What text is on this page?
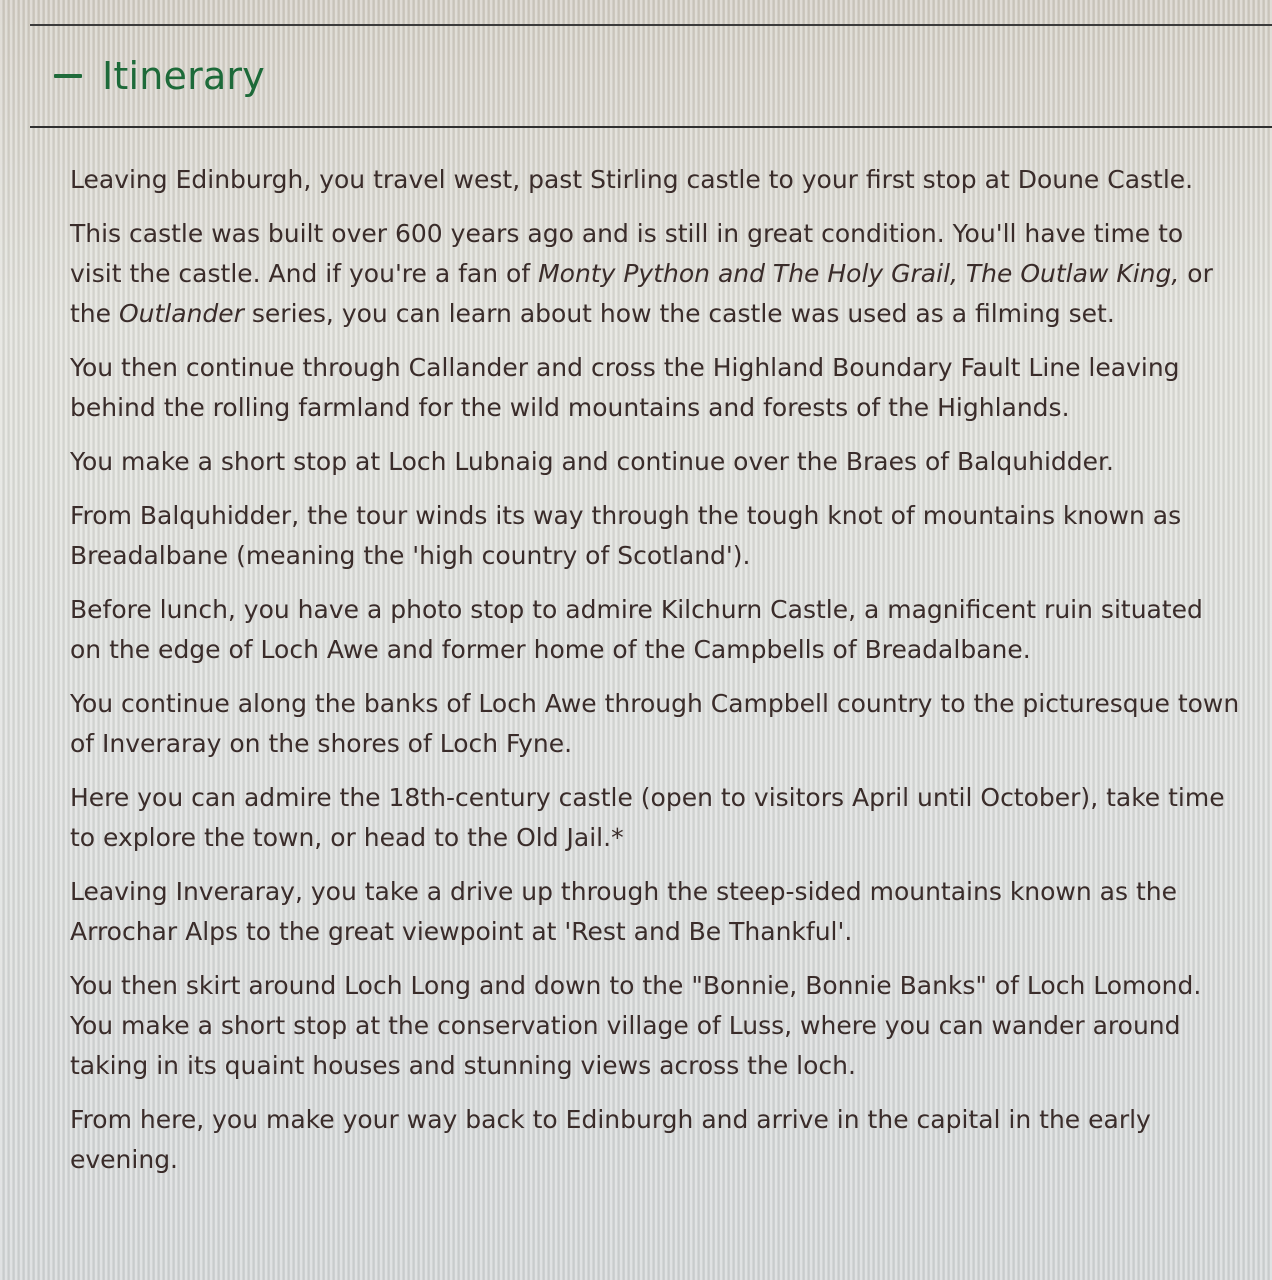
Itinerary

Leaving Edinburgh, you travel west, past Stirling castle to your first stop at Doune Castle.

This castle was built over 600 years ago and is still in great condition. You'll have time to visit the castle. And if you're a fan of Monty Python and The Holy Grail, The Outlaw King, or the Outlander series, you can learn about how the castle was used as a filming set.

You then continue through Callander and cross the Highland Boundary Fault Line leaving behind the rolling farmland for the wild mountains and forests of the Highlands.

You make a short stop at Loch Lubnaig and continue over the Braes of Balquhidder.

From Balquhidder, the tour winds its way through the tough knot of mountains known as Breadalbane (meaning the 'high country of Scotland').

Before lunch, you have a photo stop to admire Kilchurn Castle, a magnificent ruin situated on the edge of Loch Awe and former home of the Campbells of Breadalbane.

You continue along the banks of Loch Awe through Campbell country to the picturesque town of Inveraray on the shores of Loch Fyne.

Here you can admire the 18th-century castle (open to visitors April until October), take time to explore the town, or head to the Old Jail.*

Leaving Inveraray, you take a drive up through the steep-sided mountains known as the Arrochar Alps to the great viewpoint at 'Rest and Be Thankful'.

You then skirt around Loch Long and down to the "Bonnie, Bonnie Banks" of Loch Lomond. You make a short stop at the conservation village of Luss, where you can wander around taking in its quaint houses and stunning views across the loch.

From here, you make your way back to Edinburgh and arrive in the capital in the early evening.
